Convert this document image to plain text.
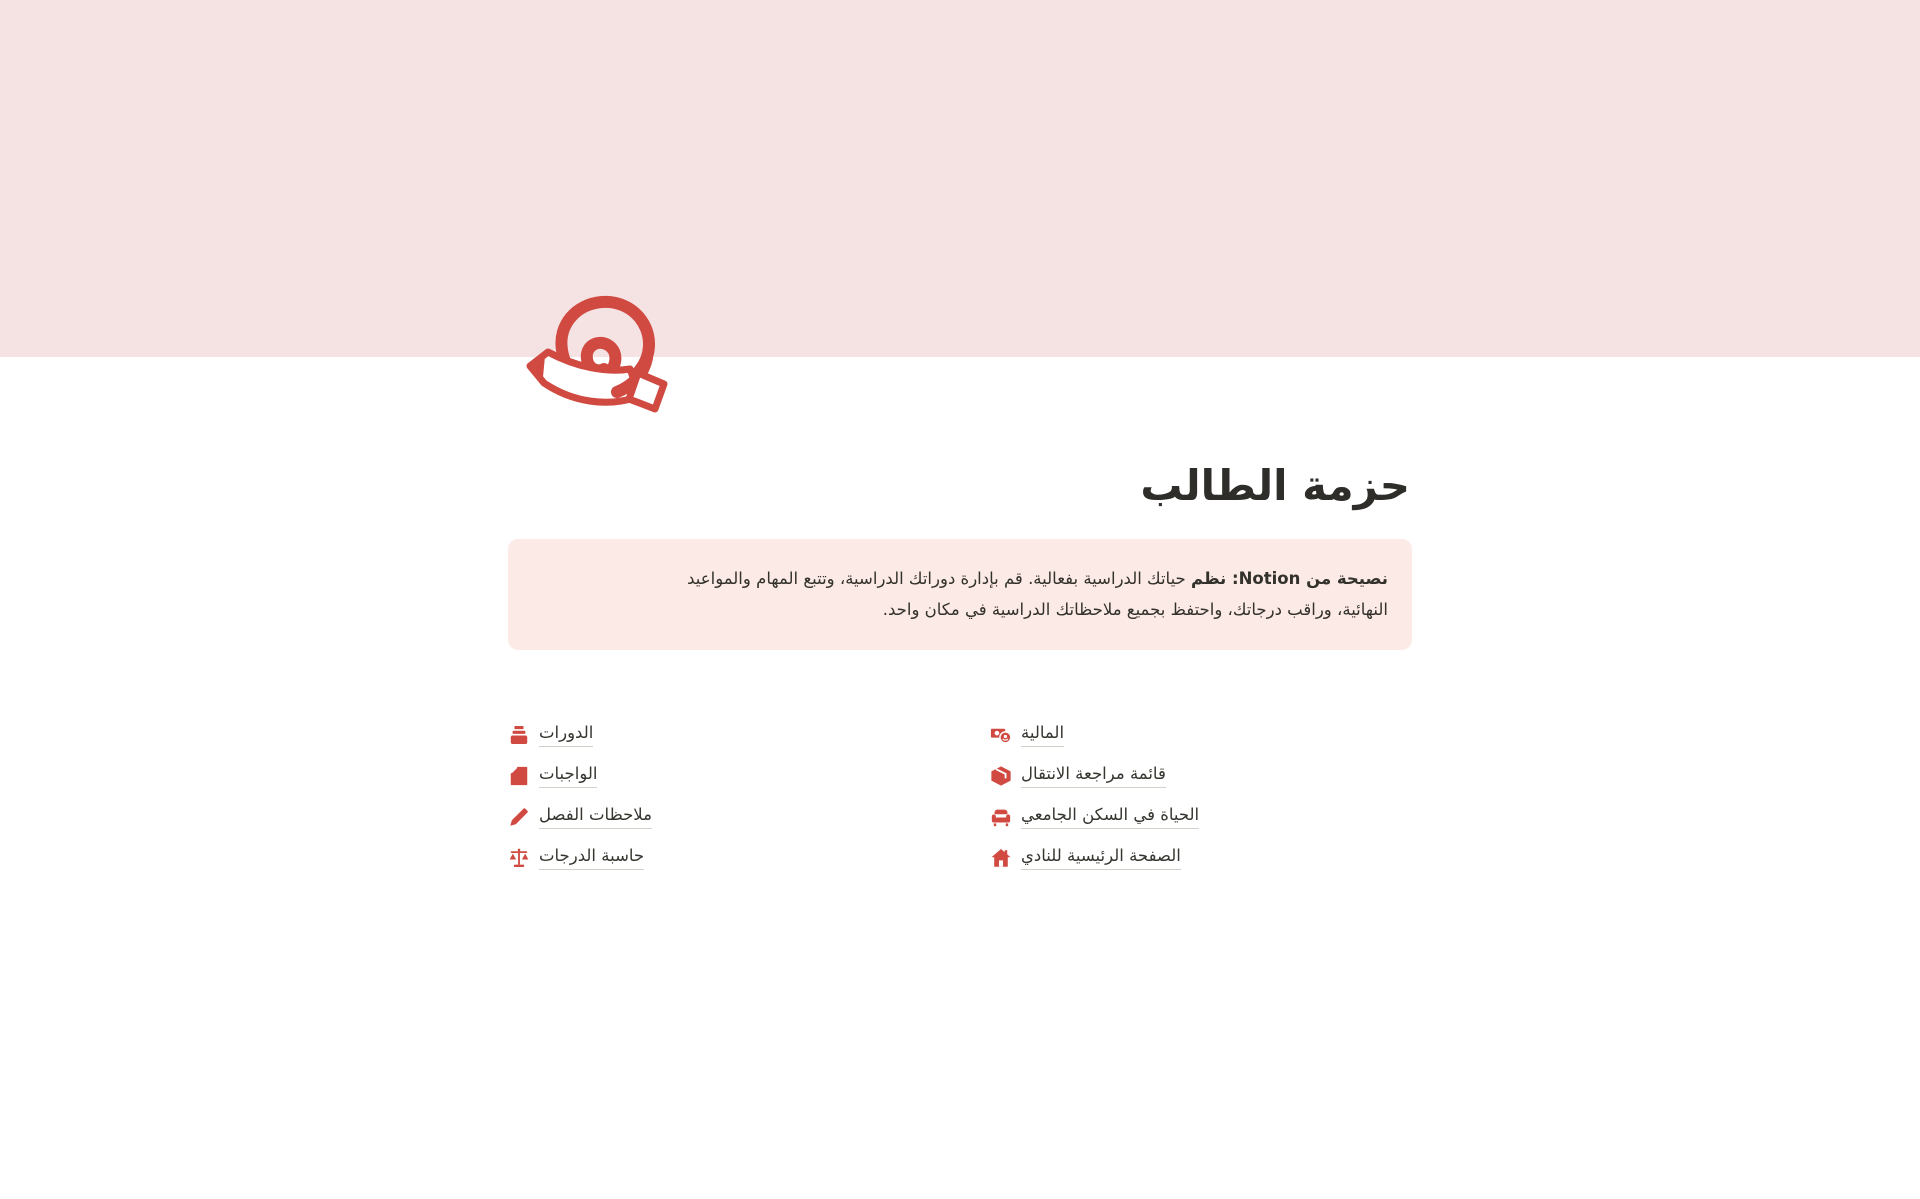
حزمة الطالب
نصيحة من Notion: نظم حياتك الدراسية بفعالية. قم بإدارة دوراتك الدراسية، وتتبع المهام والمواعيد
النهائية، وراقب درجاتك، واحتفظ بجميع ملاحظاتك الدراسية في مكان واحد.
المالية
قائمة مراجعة الانتقال
الحياة في السكن الجامعي
الصفحة الرئيسية للنادي
الدورات
الواجبات
ملاحظات الفصل
حاسبة الدرجات
